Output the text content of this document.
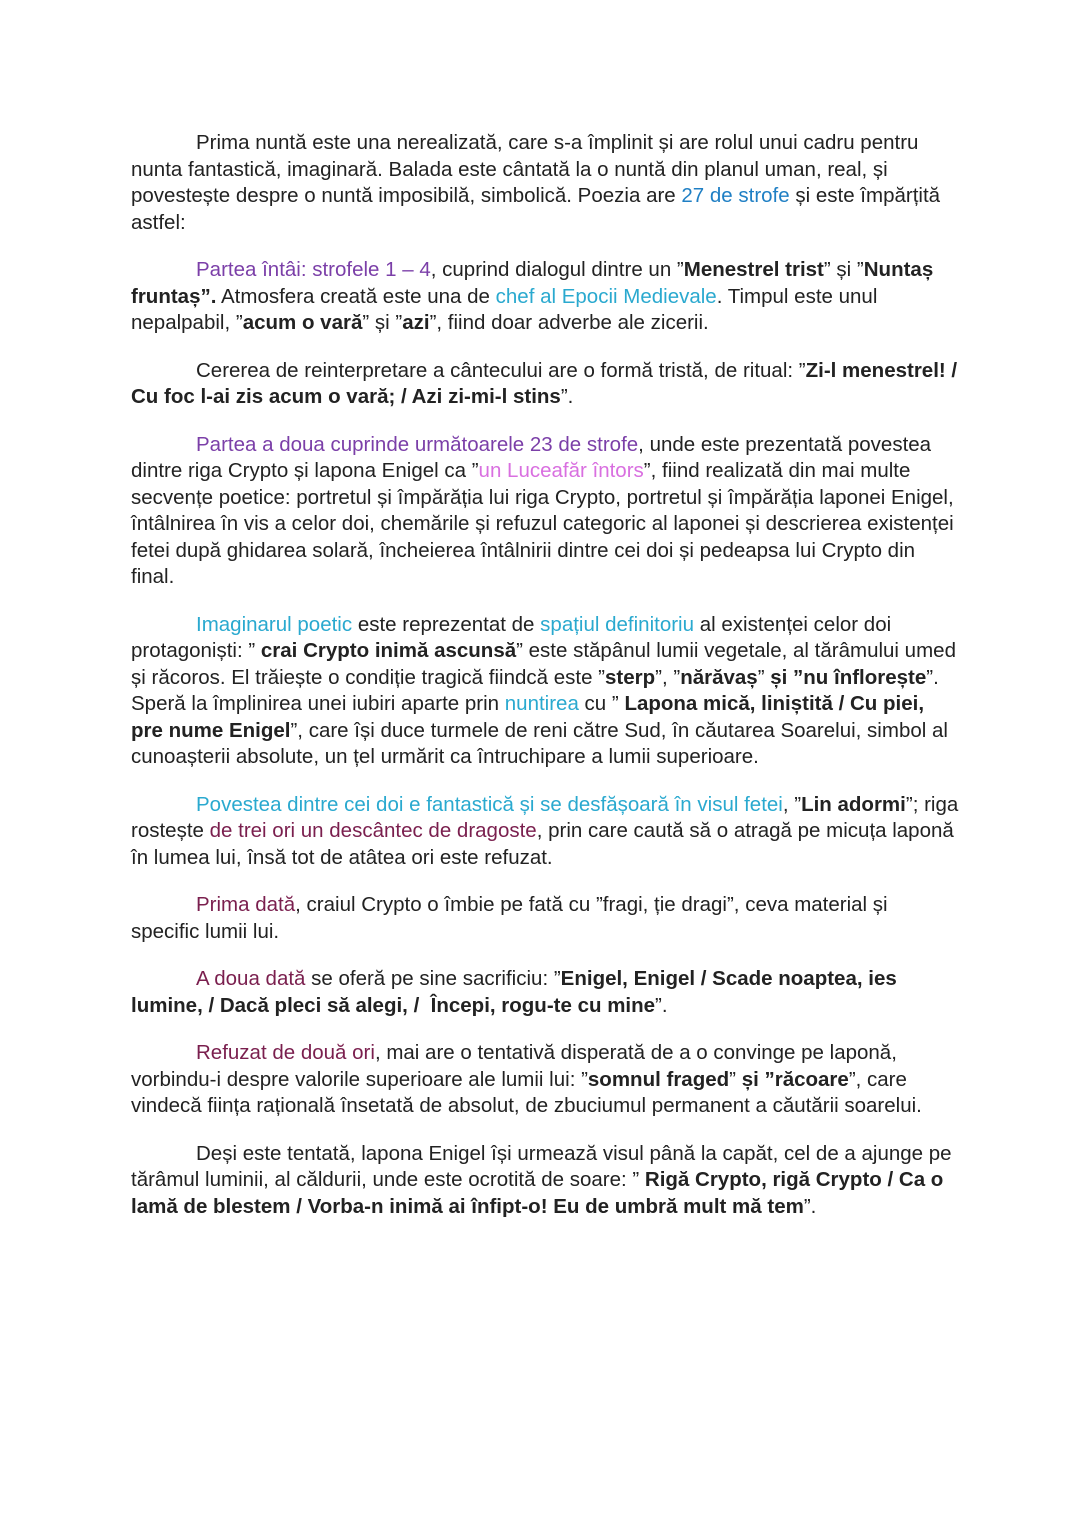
Prima nuntă este una nerealizată, care s-a împlinit și are rolul unui cadru pentru nunta fantastică, imaginară. Balada este cântată la o nuntă din planul uman, real, și povestește despre o nuntă imposibilă, simbolică. Poezia are 27 de strofe și este împărțită astfel:

Partea întâi: strofele 1 – 4, cuprind dialogul dintre un ”Menestrel trist” și ”Nuntaș fruntaș”. Atmosfera creată este una de chef al Epocii Medievale. Timpul este unul nepalpabil, ”acum o vară” și ”azi”, fiind doar adverbe ale zicerii.

Cererea de reinterpretare a cântecului are o formă tristă, de ritual: ”Zi-l menestrel! / Cu foc l-ai zis acum o vară; / Azi zi-mi-l stins”.

Partea a doua cuprinde următoarele 23 de strofe, unde este prezentată povestea dintre riga Crypto și lapona Enigel ca ”un Luceafăr întors”, fiind realizată din mai multe secvențe poetice: portretul și împărăția lui riga Crypto, portretul și împărăția laponei Enigel, întâlnirea în vis a celor doi, chemările și refuzul categoric al laponei și descrierea existenței fetei după ghidarea solară, încheierea întâlnirii dintre cei doi și pedeapsa lui Crypto din final.

Imaginarul poetic este reprezentat de spațiul definitoriu al existenței celor doi protagoniști: ” crai Crypto inimă ascunsă” este stăpânul lumii vegetale, al tărâmului umed și răcoros. El trăiește o condiție tragică fiindcă este ”sterp”, ”nărăvaș” și ”nu înflorește”. Speră la împlinirea unei iubiri aparte prin nuntirea cu ” Lapona mică, liniștită / Cu piei, pre nume Enigel”, care își duce turmele de reni către Sud, în căutarea Soarelui, simbol al cunoașterii absolute, un țel urmărit ca întruchipare a lumii superioare.

Povestea dintre cei doi e fantastică și se desfășoară în visul fetei, ”Lin adormi”; riga rostește de trei ori un descântec de dragoste, prin care caută să o atragă pe micuța laponă în lumea lui, însă tot de atâtea ori este refuzat.

Prima dată, craiul Crypto o îmbie pe fată cu ”fragi, ție dragi”, ceva material și specific lumii lui.

A doua dată se oferă pe sine sacrificiu: ”Enigel, Enigel / Scade noaptea, ies lumine, / Dacă pleci să alegi, /  Începi, rogu-te cu mine”.

Refuzat de două ori, mai are o tentativă disperată de a o convinge pe laponă, vorbindu-i despre valorile superioare ale lumii lui: ”somnul fraged” și ”răcoare”, care vindecă ființa rațională însetată de absolut, de zbuciumul permanent a căutării soarelui.

Deși este tentată, lapona Enigel își urmează visul până la capăt, cel de a ajunge pe tărâmul luminii, al căldurii, unde este ocrotită de soare: ” Rigă Crypto, rigă Crypto / Ca o lamă de blestem / Vorba-n inimă ai înfipt-o! Eu de umbră mult mă tem”.
